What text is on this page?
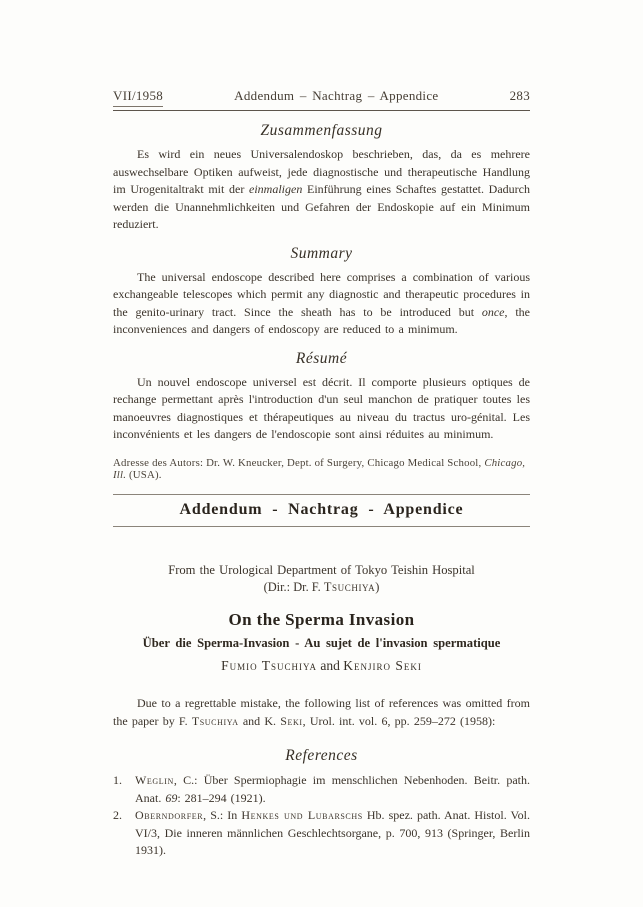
VII/1958	Addendum – Nachtrag – Appendice	283
Zusammenfassung

Es wird ein neues Universalendoskop beschrieben, das, da es mehrere auswechselbare Optiken aufweist, jede diagnostische und therapeutische Handlung im Urogenitaltrakt mit der einmaligen Einführung eines Schaftes gestattet. Dadurch werden die Unannehmlichkeiten und Gefahren der Endoskopie auf ein Minimum reduziert.

Summary

The universal endoscope described here comprises a combination of various exchangeable telescopes which permit any diagnostic and therapeutic procedures in the genito-urinary tract. Since the sheath has to be introduced but once, the inconveniences and dangers of endoscopy are reduced to a minimum.

Résumé

Un nouvel endoscope universel est décrit. Il comporte plusieurs optiques de rechange permettant après l'introduction d'un seul manchon de pratiquer toutes les manoeuvres diagnostiques et thérapeutiques au niveau du tractus uro-génital. Les inconvénients et les dangers de l'endoscopie sont ainsi réduites au minimum.

Adresse des Autors: Dr. W. Kneucker, Dept. of Surgery, Chicago Medical School, Chicago, Ill. (USA).
Addendum - Nachtrag - Appendice
From the Urological Department of Tokyo Teishin Hospital
(Dir.: Dr. F. Tsuchiya)
On the Sperma Invasion
Über die Sperma-Invasion - Au sujet de l'invasion spermatique
Fumio Tsuchiya and Kenjiro Seki

Due to a regrettable mistake, the following list of references was omitted from the paper by F. Tsuchiya and K. Seki, Urol. int. vol. 6, pp. 259–272 (1958):

References

1. Weglin, C.: Über Spermiophagie im menschlichen Nebenhoden. Beitr. path. Anat. 69: 281–294 (1921).

2. Oberndorfer, S.: In Henkes und Lubarschs Hb. spez. path. Anat. Histol. Vol. VI/3, Die inneren männlichen Geschlechtsorgane, p. 700, 913 (Springer, Berlin 1931).
